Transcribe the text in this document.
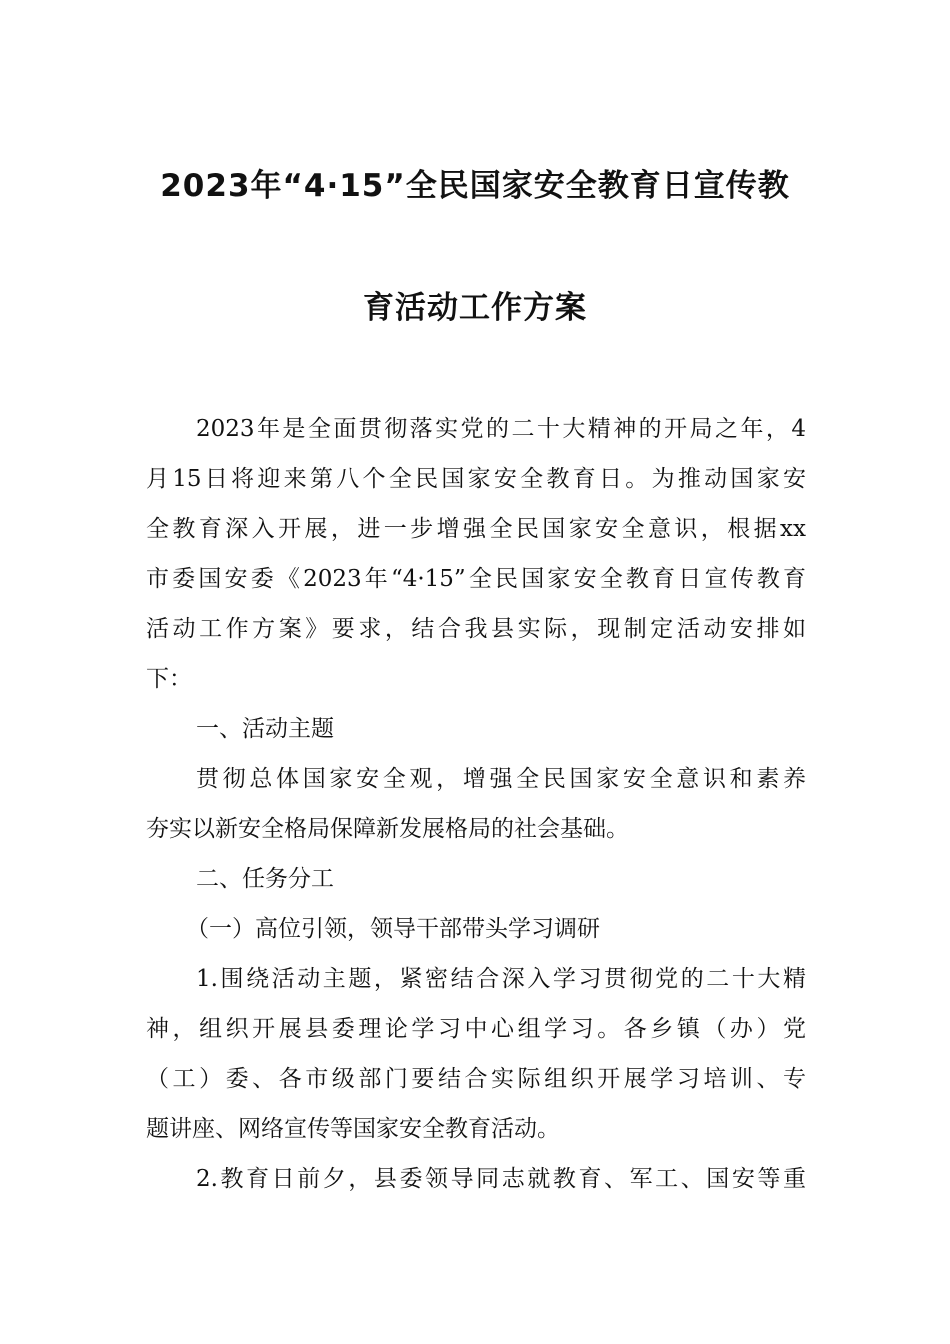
2023年“4·15”全民国家安全教育日宣传教
育活动工作方案
2023年是全面贯彻落实党的二十大精神的开局之年，4
月15日将迎来第八个全民国家安全教育日。为推动国家安
全教育深入开展，进一步增强全民国家安全意识，根据xx
市委国安委《2023年“4·15”全民国家安全教育日宣传教育
活动工作方案》要求，结合我县实际，现制定活动安排如
下：
一、活动主题
贯彻总体国家安全观，增强全民国家安全意识和素养
夯实以新安全格局保障新发展格局的社会基础。
二、任务分工
（一）高位引领，领导干部带头学习调研
1.围绕活动主题，紧密结合深入学习贯彻党的二十大精
神，组织开展县委理论学习中心组学习。各乡镇（办）党
（工）委、各市级部门要结合实际组织开展学习培训、专
题讲座、网络宣传等国家安全教育活动。
2.教育日前夕，县委领导同志就教育、军工、国安等重
